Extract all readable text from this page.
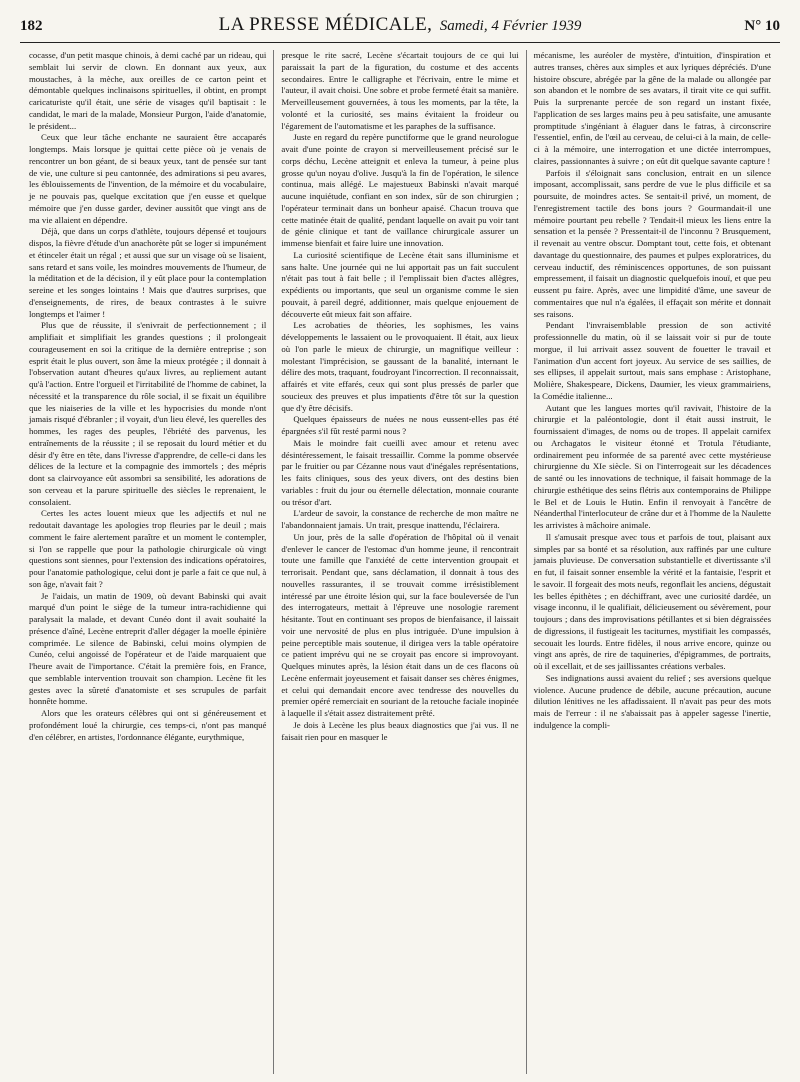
182	LA PRESSE MÉDICALE, Samedi, 4 Février 1939	N° 10

cocasse, d'un petit masque chinois, à demi caché par un rideau, qui semblait lui servir de clown. En donnant aux yeux, aux moustaches, à la mèche, aux oreilles de ce carton peint et démontable quelques inclinaisons spirituelles, il obtint, en prompt caricaturiste qu'il était, une série de visages qu'il baptisait : le candidat, le mari de la malade, Monsieur Purgon, l'aide d'anatomie, le président...

Ceux que leur tâche enchante ne sauraient être accaparés longtemps. Mais lorsque je quittai cette pièce où je venais de rencontrer un bon géant, de si beaux yeux, tant de pensée sur tant de vie, une culture si peu cantonnée, des admirations si peu avares, les éblouissements de l'invention, de la mémoire et du vocabulaire, je ne pouvais pas, quelque excitation que j'en eusse et quelque mémoire que j'en dusse garder, deviner aussitôt que vingt ans de ma vie allaient en dépendre.

Déjà, que dans un corps d'athlète, toujours dépensé et toujours dispos, la fièvre d'étude d'un anachorète pût se loger si impunément et étinceler était un régal ; et aussi que sur un visage où se lisaient, sans retard et sans voile, les moindres mouvements de l'humeur, de la méditation et de la décision, il y eût place pour la contemplation sereine et les songes lointains ! Mais que d'autres surprises, que d'enseignements, de rires, de beaux contrastes à le suivre longtemps et l'aimer !

Plus que de réussite, il s'enivrait de perfectionnement ; il amplifiait et simplifiait les grandes questions ; il prolongeait courageusement en soi la critique de la dernière entreprise ; son esprit était le plus ouvert, son âme la mieux protégée ; il donnait à l'observation autant d'heures qu'aux livres, au repliement autant qu'à l'action. Entre l'orgueil et l'irritabilité de l'homme de cabinet, la nécessité et la transparence du rôle social, il se fixait un équilibre que les niaiseries de la ville et les hypocrisies du monde n'ont jamais risqué d'ébranler ; il voyait, d'un lieu élevé, les querelles des hommes, les rages des peuples, l'ébriété des parvenus, les entraînements de la réussite ; il se reposait du lourd métier et du désir d'y être en tête, dans l'ivresse d'apprendre, de celle-ci dans les délices de la lecture et la compagnie des immortels ; des mépris dont sa clairvoyance eût assombri sa sensibilité, les adorations de son cerveau et la parure spirituelle des siècles le reprenaient, le consolaient.

Certes les actes louent mieux que les adjectifs et nul ne redoutait davantage les apologies trop fleuries par le deuil ; mais comment le faire alertement paraître et un moment le contempler, si l'on se rappelle que pour la pathologie chirurgicale où vingt questions sont siennes, pour l'extension des indications opératoires, pour l'anatomie pathologique, celui dont je parle a fait ce que nul, à son âge, n'avait fait ?

Je l'aidais, un matin de 1909, où devant Babinski qui avait marqué d'un point le siège de la tumeur intra-rachidienne qui paralysait la malade, et devant Cunéo dont il avait souhaité la présence d'aîné, Lecène entreprit d'aller dégager la moelle épinière comprimée. Le silence de Babinski, celui moins olympien de Cunéo, celui angoissé de l'opérateur et de l'aide marquaient que l'heure avait de l'importance. C'était la première fois, en France, que semblable intervention trouvait son champion. Lecène fit les gestes avec la sûreté d'anatomiste et ses scrupules de parfait honnête homme.

Alors que les orateurs célèbres qui ont si généreusement et profondément loué la chirurgie, ces temps-ci, n'ont pas manqué d'en célébrer, en artistes, l'ordonnance élégante, eurythmique,

presque le rite sacré, Lecène s'écartait toujours de ce qui lui paraissait la part de la figuration, du costume et des accents secondaires. Entre le calligraphe et l'écrivain, entre le mime et l'auteur, il avait choisi. Une sobre et probe fermeté était sa manière. Merveilleusement gouvernées, à tous les moments, par la tête, la volonté et la curiosité, ses mains évitaient la froideur ou l'égarement de l'automatisme et les paraphes de la suffisance.

Juste en regard du repère punctiforme que le grand neurologue avait d'une pointe de crayon si merveilleusement précisé sur le corps déchu, Lecène atteignit et enleva la tumeur, à peine plus grosse qu'un noyau d'olive. Jusqu'à la fin de l'opération, le silence continua, mais allégé. Le majestueux Babinski n'avait marqué aucune inquiétude, confiant en son index, sûr de son chirurgien ; l'opérateur terminait dans un bonheur apaisé. Chacun trouva que cette matinée était de qualité, pendant laquelle on avait pu voir tant de génie clinique et tant de vaillance chirurgicale assurer un immense bienfait et faire luire une innovation.

La curiosité scientifique de Lecène était sans illuminisme et sans halte. Une journée qui ne lui apportait pas un fait succulent n'était pas tout à fait belle ; il l'emplissait bien d'actes allègres, expédients ou importants, que seul un organisme comme le sien pouvait, à pareil degré, additionner, mais quelque enjouement de découverte eût mieux fait son affaire.

Les acrobaties de théories, les sophismes, les vains développements le lassaient ou le provoquaient. Il était, aux lieux où l'on parle le mieux de chirurgie, un magnifique veilleur : molestant l'imprécision, se gaussant de la banalité, internant le délire des mots, traquant, foudroyant l'incorrection. Il reconnaissait, affairés et vite effarés, ceux qui sont plus pressés de parler que soucieux des preuves et plus impatients d'être tôt sur la question que d'y être décisifs.

Quelques épaisseurs de nuées ne nous eussent-elles pas été épargnées s'il fût resté parmi nous ?

Mais le moindre fait cueilli avec amour et retenu avec désintéressement, le faisait tressaillir. Comme la pomme observée par le fruitier ou par Cézanne nous vaut d'inégales représentations, les faits cliniques, sous des yeux divers, ont des destins bien variables : fruit du jour ou éternelle délectation, monnaie courante ou trésor d'art.

L'ardeur de savoir, la constance de recherche de mon maître ne l'abandonnaient jamais. Un trait, presque inattendu, l'éclairera.

Un jour, près de la salle d'opération de l'hôpital où il venait d'enlever le cancer de l'estomac d'un homme jeune, il rencontrait toute une famille que l'anxiété de cette intervention groupait et terrorisait. Pendant que, sans déclamation, il donnait à tous des nouvelles rassurantes, il se trouvait comme irrésistiblement intéressé par une étroite lésion qui, sur la face bouleversée de l'un des interrogateurs, mettait à l'épreuve une nosologie rarement hésitante. Tout en continuant ses propos de bienfaisance, il laissait voir une nervosité de plus en plus intriguée. D'une impulsion à peine perceptible mais soutenue, il dirigea vers la table opératoire ce patient imprévu qui ne se croyait pas encore si improvoyant. Quelques minutes après, la lésion était dans un de ces flacons où Lecène enfermait joyeusement et faisait danser ses chères énigmes, et celui qui demandait encore avec tendresse des nouvelles du premier opéré remerciait en souriant de la retouche faciale inopinée à laquelle il s'était assez distraitement prêté.

Je dois à Lecène les plus beaux diagnostics que j'ai vus. Il ne faisait rien pour en masquer le

mécanisme, les auréoler de mystère, d'intuition, d'inspiration et autres transes, chères aux simples et aux lyriques dépréciés. D'une histoire obscure, abrégée par la gêne de la malade ou allongée par son abandon et le nombre de ses avatars, il tirait vite ce qui suffit. Puis la surprenante percée de son regard un instant fixée, l'application de ses larges mains peu à peu satisfaite, une amusante promptitude s'ingéniant à élaguer dans le fatras, à circonscrire l'essentiel, enfin, de l'œil au cerveau, de celui-ci à la main, de celle-ci à la mémoire, une interrogation et une dictée interrompues, claires, passionnantes à suivre ; on eût dit quelque savante capture !

Parfois il s'éloignait sans conclusion, entrait en un silence imposant, accomplissait, sans perdre de vue le plus difficile et sa poursuite, de moindres actes. Se sentait-il privé, un moment, de l'enregistrement tactile des bons jours ? Gourmandait-il une mémoire pourtant peu rebelle ? Tendait-il mieux les liens entre la sensation et la pensée ? Pressentait-il de l'inconnu ? Brusquement, il revenait au ventre obscur. Domptant tout, cette fois, et obtenant davantage du questionnaire, des paumes et pulpes exploratrices, du cerveau inductif, des réminiscences opportunes, de son puissant empressement, il faisait un diagnostic quelquefois inouï, et que peu eussent pu faire. Après, avec une limpidité d'âme, une saveur de commentaires que nul n'a égalées, il effaçait son mérite et donnait ses raisons.

Pendant l'invraisemblable pression de son activité professionnelle du matin, où il se laissait voir si pur de toute morgue, il lui arrivait assez souvent de fouetter le travail et l'animation d'un accent fort joyeux. Au service de ses saillies, de ses ellipses, il appelait surtout, mais sans emphase : Aristophane, Molière, Shakespeare, Dickens, Daumier, les vieux grammairiens, la Comédie italienne...

Autant que les langues mortes qu'il ravivait, l'histoire de la chirurgie et la paléontologie, dont il était aussi instruit, le fournissaient d'images, de noms ou de tropes. Il appelait carnifex ou Archagatos le visiteur étonné et Trotula l'étudiante, ordinairement peu informée de sa parenté avec cette mystérieuse chirurgienne du XIe siècle. Si on l'interrogeait sur les décadences de santé ou les innovations de technique, il faisait hommage de la chirurgie esthétique des seins flétris aux contemporains de Philippe le Bel et de Louis le Hutin. Enfin il renvoyait à l'ancêtre de Néanderthal l'interlocuteur de crâne dur et à l'homme de la Naulette les arrivistes à mâchoire animale.

Il s'amusait presque avec tous et parfois de tout, plaisant aux simples par sa bonté et sa résolution, aux raffinés par une culture jamais pluvieuse. De conversation substantielle et divertissante s'il en fut, il faisait sonner ensemble la vérité et la fantaisie, l'esprit et le savoir. Il forgeait des mots neufs, regonflait les anciens, dégustait les belles épithètes ; en déchiffrant, avec une curiosité dardée, un visage inconnu, il le qualifiait, délicieusement ou sévèrement, pour toujours ; dans des improvisations pétillantes et si bien dégraissées de digressions, il fustigeait les taciturnes, mystifiait les compassés, secouait les lourds. Entre fidèles, il nous arrive encore, quinze ou vingt ans après, de rire de taquineries, d'épigrammes, de portraits, où il excellait, et de ses jaillissantes créations verbales.

Ses indignations aussi avaient du relief ; ses aversions quelque violence. Aucune prudence de débile, aucune précaution, aucune dilution lénitives ne les affadissaient. Il n'avait pas peur des mots mais de l'erreur : il ne s'abaissait pas à appeler sagesse l'inertie, indulgence la compli-
